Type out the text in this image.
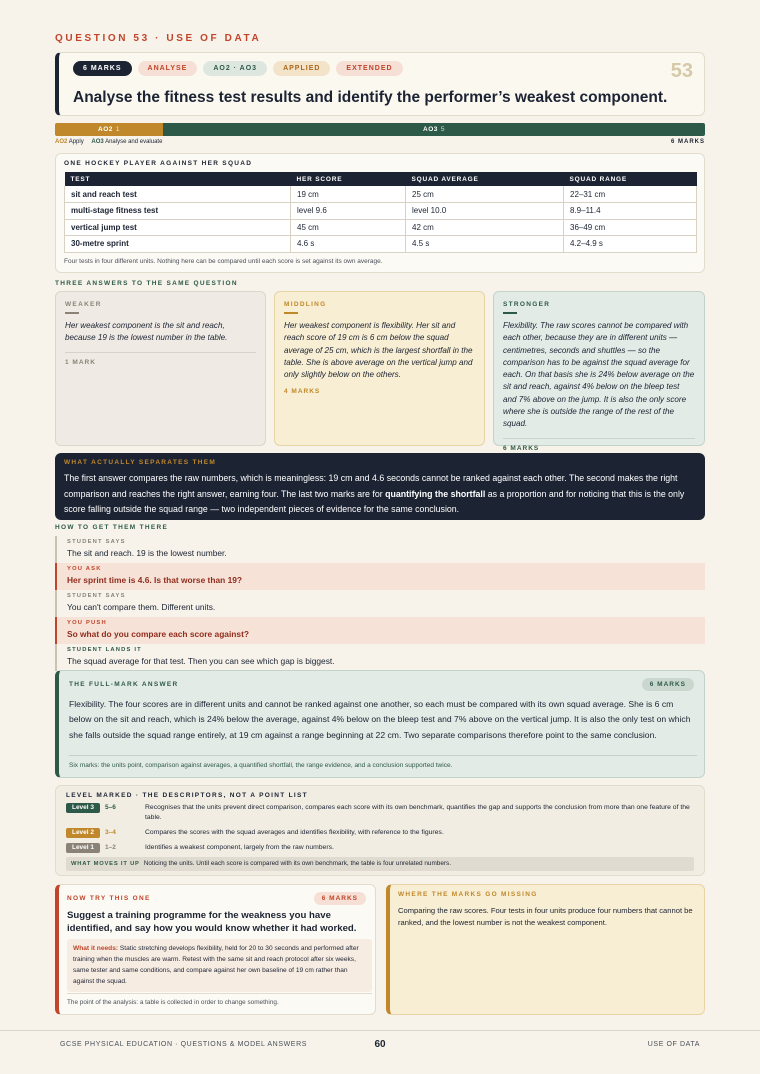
QUESTION 53 · USE OF DATA
6 MARKS	ANALYSE	AO2 · AO3	APPLIED	EXTENDED	53
Analyse the fitness test results and identify the performer’s weakest component.
AO2 1	AO3 5
AO2 Apply AO3 Analyse and evaluate	6 MARKS
ONE HOCKEY PLAYER AGAINST HER SQUAD
TEST	HER SCORE	SQUAD AVERAGE	SQUAD RANGE
sit and reach test	19 cm	25 cm	22–31 cm
multi-stage fitness test	level 9.6	level 10.0	8.9–11.4
vertical jump test	45 cm	42 cm	36–49 cm
30-metre sprint	4.6 s	4.5 s	4.2–4.9 s
Four tests in four different units. Nothing here can be compared until each score is set against its own average.
THREE ANSWERS TO THE SAME QUESTION
WEAKER
Her weakest component is the sit and reach, because 19 is the lowest number in the table.
1 MARK
MIDDLING
Her weakest component is flexibility. Her sit and reach score of 19 cm is 6 cm below the squad average of 25 cm, which is the largest shortfall in the table. She is above average on the vertical jump and only slightly below on the others.
4 MARKS
STRONGER
Flexibility. The raw scores cannot be compared with each other, because they are in different units — centimetres, seconds and shuttles — so the comparison has to be against the squad average for each. On that basis she is 24% below average on the sit and reach, against 4% below on the bleep test and 7% above on the jump. It is also the only score where she is outside the range of the rest of the squad.
6 MARKS
WHAT ACTUALLY SEPARATES THEM
The first answer compares the raw numbers, which is meaningless: 19 cm and 4.6 seconds cannot be ranked against each other. The second makes the right comparison and reaches the right answer, earning four. The last two marks are for quantifying the shortfall as a proportion and for noticing that this is the only score falling outside the squad range — two independent pieces of evidence for the same conclusion.
HOW TO GET THEM THERE
STUDENT SAYS
The sit and reach. 19 is the lowest number.
YOU ASK
Her sprint time is 4.6. Is that worse than 19?
STUDENT SAYS
You can't compare them. Different units.
YOU PUSH
So what do you compare each score against?
STUDENT LANDS IT
The squad average for that test. Then you can see which gap is biggest.
THE FULL-MARK ANSWER	6 MARKS
Flexibility. The four scores are in different units and cannot be ranked against one another, so each must be compared with its own squad average. She is 6 cm below on the sit and reach, which is 24% below the average, against 4% below on the bleep test and 7% above on the vertical jump. It is also the only test on which she falls outside the squad range entirely, at 19 cm against a range beginning at 22 cm. Two separate comparisons therefore point to the same conclusion.
Six marks: the units point, comparison against averages, a quantified shortfall, the range evidence, and a conclusion supported twice.
LEVEL MARKED · THE DESCRIPTORS, NOT A POINT LIST
Level 3	5–6	Recognises that the units prevent direct comparison, compares each score with its own benchmark, quantifies the gap and supports the conclusion from more than one feature of the table.
Level 2	3–4	Compares the scores with the squad averages and identifies flexibility, with reference to the figures.
Level 1	1–2	Identifies a weakest component, largely from the raw numbers.
WHAT MOVES IT UP Noticing the units. Until each score is compared with its own benchmark, the table is four unrelated numbers.
NOW TRY THIS ONE	6 MARKS
Suggest a training programme for the weakness you have identified, and say how you would know whether it had worked.
What it needs: Static stretching develops flexibility, held for 20 to 30 seconds and performed after training when the muscles are warm. Retest with the same sit and reach protocol after six weeks, same tester and same conditions, and compare against her own baseline of 19 cm rather than against the squad.
The point of the analysis: a table is collected in order to change something.
WHERE THE MARKS GO MISSING
Comparing the raw scores. Four tests in four units produce four numbers that cannot be ranked, and the lowest number is not the weakest component.
GCSE PHYSICAL EDUCATION · QUESTIONS & MODEL ANSWERS	60	USE OF DATA
